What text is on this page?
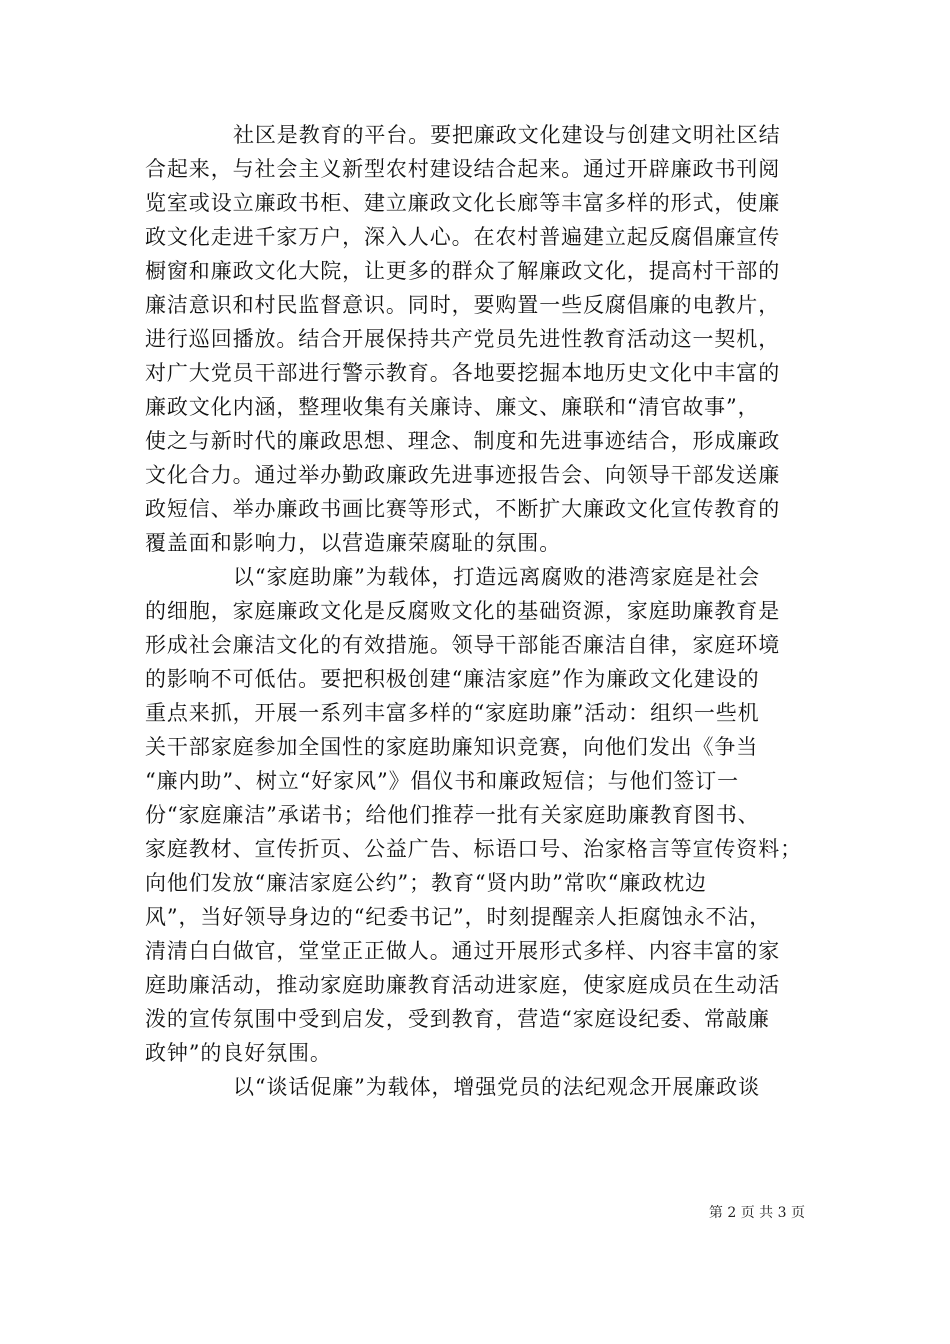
社区是教育的平台。要把廉政文化建设与创建文明社区结
合起来，与社会主义新型农村建设结合起来。通过开辟廉政书刊阅
览室或设立廉政书柜、建立廉政文化长廊等丰富多样的形式，使廉
政文化走进千家万户，深入人心。在农村普遍建立起反腐倡廉宣传
橱窗和廉政文化大院，让更多的群众了解廉政文化，提高村干部的
廉洁意识和村民监督意识。同时，要购置一些反腐倡廉的电教片，
进行巡回播放。结合开展保持共产党员先进性教育活动这一契机，
对广大党员干部进行警示教育。各地要挖掘本地历史文化中丰富的
廉政文化内涵，整理收集有关廉诗、廉文、廉联和“清官故事”，
使之与新时代的廉政思想、理念、制度和先进事迹结合，形成廉政
文化合力。通过举办勤政廉政先进事迹报告会、向领导干部发送廉
政短信、举办廉政书画比赛等形式，不断扩大廉政文化宣传教育的
覆盖面和影响力，以营造廉荣腐耻的氛围。
以“家庭助廉”为载体，打造远离腐败的港湾家庭是社会
的细胞，家庭廉政文化是反腐败文化的基础资源，家庭助廉教育是
形成社会廉洁文化的有效措施。领导干部能否廉洁自律，家庭环境
的影响不可低估。要把积极创建“廉洁家庭”作为廉政文化建设的
重点来抓，开展一系列丰富多样的“家庭助廉”活动：组织一些机
关干部家庭参加全国性的家庭助廉知识竞赛，向他们发出《争当
“廉内助”、树立“好家风”》倡仪书和廉政短信；与他们签订一
份“家庭廉洁”承诺书；给他们推荐一批有关家庭助廉教育图书、
家庭教材、宣传折页、公益广告、标语口号、治家格言等宣传资料；
向他们发放“廉洁家庭公约”；教育“贤内助”常吹“廉政枕边
风”，当好领导身边的“纪委书记”，时刻提醒亲人拒腐蚀永不沾，
清清白白做官，堂堂正正做人。通过开展形式多样、内容丰富的家
庭助廉活动，推动家庭助廉教育活动进家庭，使家庭成员在生动活
泼的宣传氛围中受到启发，受到教育，营造“家庭设纪委、常敲廉
政钟”的良好氛围。
以“谈话促廉”为载体，增强党员的法纪观念开展廉政谈
第 2 页 共 3 页
